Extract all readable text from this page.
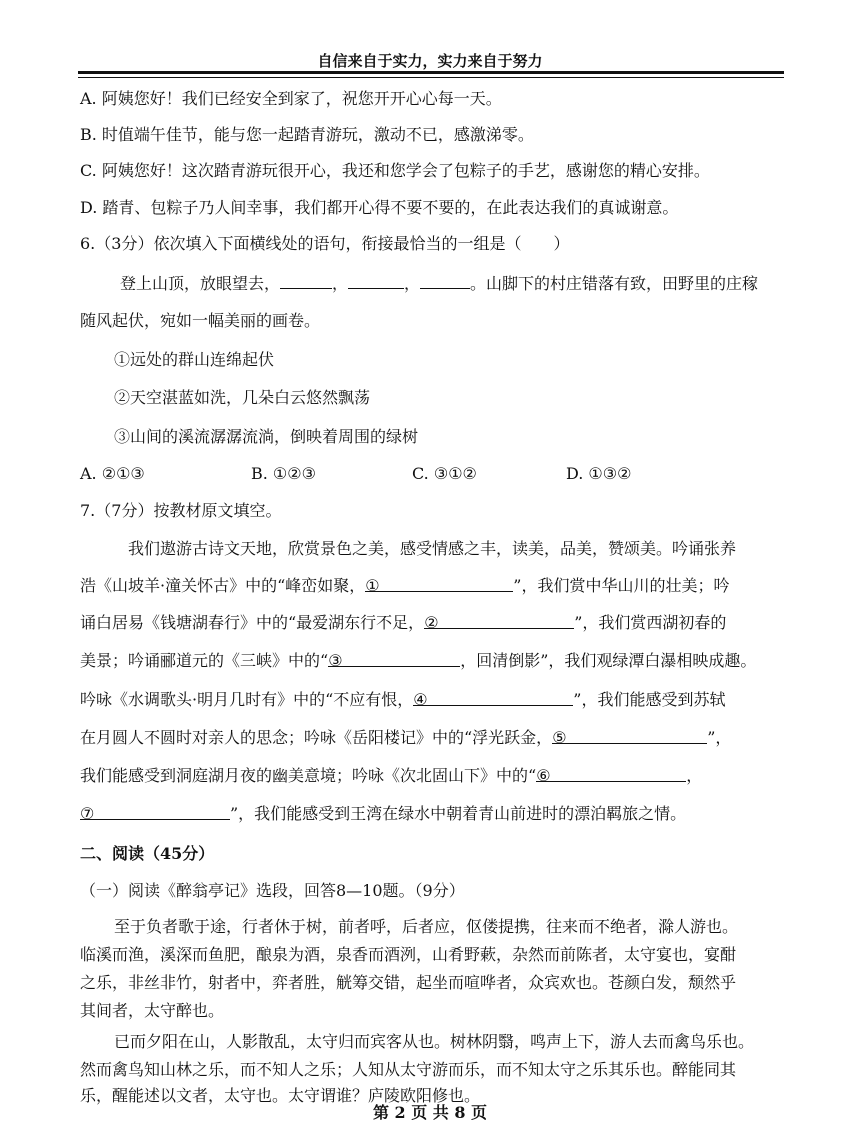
自信来自于实力，实力来自于努力
A. 阿姨您好！我们已经安全到家了，祝您开开心心每一天。
B. 时值端午佳节，能与您一起踏青游玩，激动不已，感激涕零。
C. 阿姨您好！这次踏青游玩很开心，我还和您学会了包粽子的手艺，感谢您的精心安排。
D. 踏青、包粽子乃人间幸事，我们都开心得不要不要的，在此表达我们的真诚谢意。
6.（3分）依次填入下面横线处的语句，衔接最恰当的一组是（　　）
登上山顶，放眼望去，	，	，	。山脚下的村庄错落有致，田野里的庄稼
随风起伏，宛如一幅美丽的画卷。
①远处的群山连绵起伏
②天空湛蓝如洗，几朵白云悠然飘荡
③山间的溪流潺潺流淌，倒映着周围的绿树
A. ②①③	B. ①②③	C. ③①②	D. ①③②
7.（7分）按教材原文填空。
我们遨游古诗文天地，欣赏景色之美，感受情感之丰，读美，品美，赞颂美。吟诵张养
浩《山坡羊·潼关怀古》中的“峰峦如聚，①	”，我们赏中华山川的壮美；吟
诵白居易《钱塘湖春行》中的“最爱湖东行不足，②	”，我们赏西湖初春的
美景；吟诵郦道元的《三峡》中的“③	，回清倒影”，我们观绿潭白瀑相映成趣。
吟咏《水调歌头·明月几时有》中的“不应有恨，④	”，我们能感受到苏轼
在月圆人不圆时对亲人的思念；吟咏《岳阳楼记》中的“浮光跃金，⑤	”，
我们能感受到洞庭湖月夜的幽美意境；吟咏《次北固山下》中的“⑥	，
⑦	”，我们能感受到王湾在绿水中朝着青山前进时的漂泊羁旅之情。
二、阅读（45分）
（一）阅读《醉翁亭记》选段，回答8—10题。（9分）
至于负者歌于途，行者休于树，前者呼，后者应，伛偻提携，往来而不绝者，滁人游也。
临溪而渔，溪深而鱼肥，酿泉为酒，泉香而酒洌，山肴野蔌，杂然而前陈者，太守宴也，宴酣
之乐，非丝非竹，射者中，弈者胜，觥筹交错，起坐而喧哗者，众宾欢也。苍颜白发，颓然乎
其间者，太守醉也。
已而夕阳在山，人影散乱，太守归而宾客从也。树林阴翳，鸣声上下，游人去而禽鸟乐也。
然而禽鸟知山林之乐，而不知人之乐；人知从太守游而乐，而不知太守之乐其乐也。醉能同其
乐，醒能述以文者，太守也。太守谓谁？庐陵欧阳修也。
第 2 页 共 8 页
